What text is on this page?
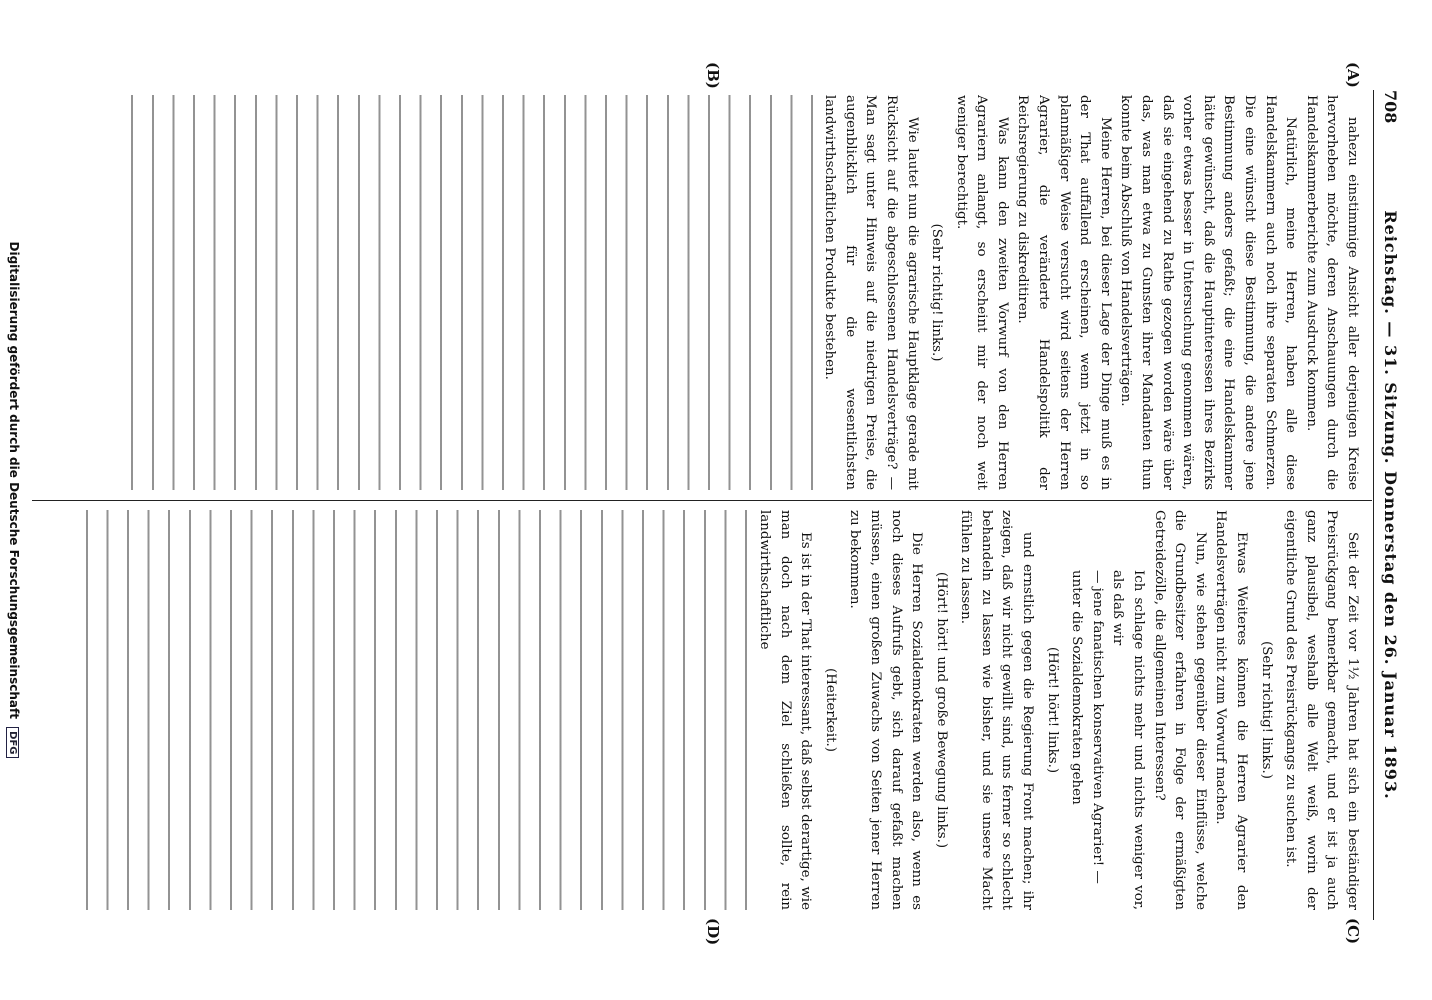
708
Reichstag. — 31. Sitzung. Donnerstag den 26. Januar 1893.
(A)
(B)
(C)
(D)

nahezu einstimmige Ansicht aller derjenigen Kreise hervorheben möchte, deren Anschauungen durch die Handelskammerberichte zum Ausdruck kommen.

Natürlich, meine Herren, haben alle diese Handelskammern auch noch ihre separaten Schmerzen. Die eine wünscht diese Bestimmung, die andere jene Bestimmung anders gefaßt; die eine Handelskammer hätte gewünscht, daß die Hauptinteressen ihres Bezirks vorher etwas besser in Untersuchung genommen wären, daß sie eingehend zu Rathe gezogen worden wäre über das, was man etwa zu Gunsten ihrer Mandanten thun konnte beim Abschluß von Handelsverträgen.

Meine Herren, bei dieser Lage der Dinge muß es in der That auffallend erscheinen, wenn jetzt in so planmäßiger Weise versucht wird seitens der Herren Agrarier, die veränderte Handelspolitik der Reichsregierung zu diskreditiren.

Was kann den zweiten Vorwurf von den Herren Agrariern anlangt, so erscheint mir der noch weit weniger berechtigt.

(Sehr richtig! links.)

Wie lautet nun die agrarische Hauptklage gerade mit Rücksicht auf die abgeschlossenen Handelsverträge? — Man sagt unter Hinweis auf die niedrigen Preise, die augenblicklich für die wesentlichsten landwirthschaftlichen Produkte bestehen.

Seit der Zeit vor 1½ Jahren hat sich ein beständiger Preisrückgang bemerkbar gemacht, und er ist ja auch ganz plausibel, weshalb alle Welt weiß, worin der eigentliche Grund des Preisrückgangs zu suchen ist.

(Sehr richtig! links.)

Etwas Weiteres können die Herren Agrarier den Handelsverträgen nicht zum Vorwurf machen.

Nun, wie stehen gegenüber dieser Einflüsse, welche die Grundbesitzer erfahren in Folge der ermäßigten Getreidezölle, die allgemeinen Interessen?

Ich schlage nichts mehr und nichts weniger vor, als daß wir

— jene fanatischen konservativen Agrarier! —

unter die Sozialdemokraten gehen

(Hört! hört! links.)

und ernstlich gegen die Regierung Front machen; ihr zeigen, daß wir nicht gewillt sind, uns ferner so schlecht behandeln zu lassen wie bisher, und sie unsere Macht fühlen zu lassen.

(Hört! hört! und große Bewegung links.)

Die Herren Sozialdemokraten werden also, wenn es noch dieses Aufrufs gebt, sich darauf gefaßt machen müssen, einen großen Zuwachs von Seiten jener Herren zu bekommen.

(Heiterkeit.)

Es ist in der That interessant, daß selbst derartige, wie man doch nach dem Ziel schließen sollte, rein landwirthschaftliche

Digitalisierung gefördert durch die Deutsche Forschungsgemeinschaft DFG
